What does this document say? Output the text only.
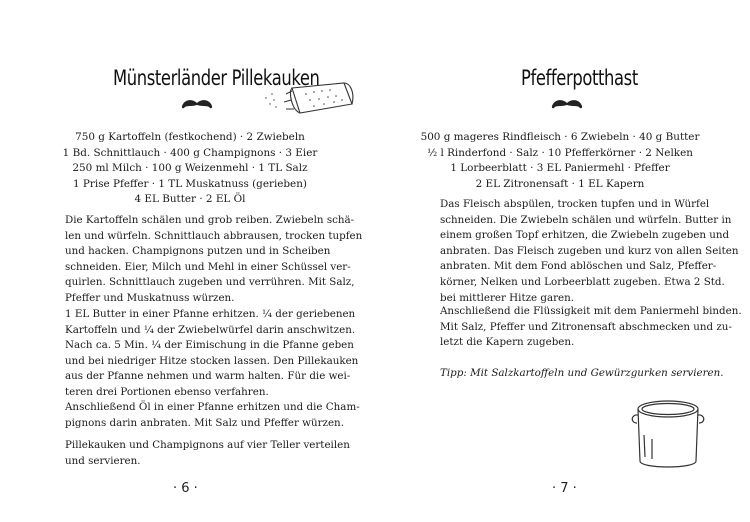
Münsterländer Pillekauken
750 g Kartoffeln (festkochend) · 2 Zwiebeln
1 Bd. Schnittlauch · 400 g Champignons · 3 Eier
250 ml Milch · 100 g Weizenmehl · 1 TL Salz
1 Prise Pfeffer · 1 TL Muskatnuss (gerieben)
4 EL Butter · 2 EL Öl
Die Kartoffeln schälen und grob reiben. Zwiebeln schä-
len und würfeln. Schnittlauch abbrausen, trocken tupfen
und hacken. Champignons putzen und in Scheiben
schneiden. Eier, Milch und Mehl in einer Schüssel ver-
quirlen. Schnittlauch zugeben und verrühren. Mit Salz,
Pfeffer und Muskatnuss würzen.
1 EL Butter in einer Pfanne erhitzen. ¼ der geriebenen
Kartoffeln und ¼ der Zwiebelwürfel darin anschwitzen.
Nach ca. 5 Min. ¼ der Eimischung in die Pfanne geben
und bei niedriger Hitze stocken lassen. Den Pillekauken
aus der Pfanne nehmen und warm halten. Für die wei-
teren drei Portionen ebenso verfahren.
Anschließend Öl in einer Pfanne erhitzen und die Cham-
pignons darin anbraten. Mit Salz und Pfeffer würzen.
Pillekauken und Champignons auf vier Teller verteilen
und servieren.
· 6 ·
Pfefferpotthast
500 g mageres Rindfleisch · 6 Zwiebeln · 40 g Butter
½ l Rinderfond · Salz · 10 Pfefferkörner · 2 Nelken
1 Lorbeerblatt · 3 EL Paniermehl · Pfeffer
2 EL Zitronensaft · 1 EL Kapern
Das Fleisch abspülen, trocken tupfen und in Würfel
schneiden. Die Zwiebeln schälen und würfeln. Butter in
einem großen Topf erhitzen, die Zwiebeln zugeben und
anbraten. Das Fleisch zugeben und kurz von allen Seiten
anbraten. Mit dem Fond ablöschen und Salz, Pfeffer-
körner, Nelken und Lorbeerblatt zugeben. Etwa 2 Std.
bei mittlerer Hitze garen.
Anschließend die Flüssigkeit mit dem Paniermehl binden.
Mit Salz, Pfeffer und Zitronensaft abschmecken und zu-
letzt die Kapern zugeben.
Tipp: Mit Salzkartoffeln und Gewürzgurken servieren.
· 7 ·
